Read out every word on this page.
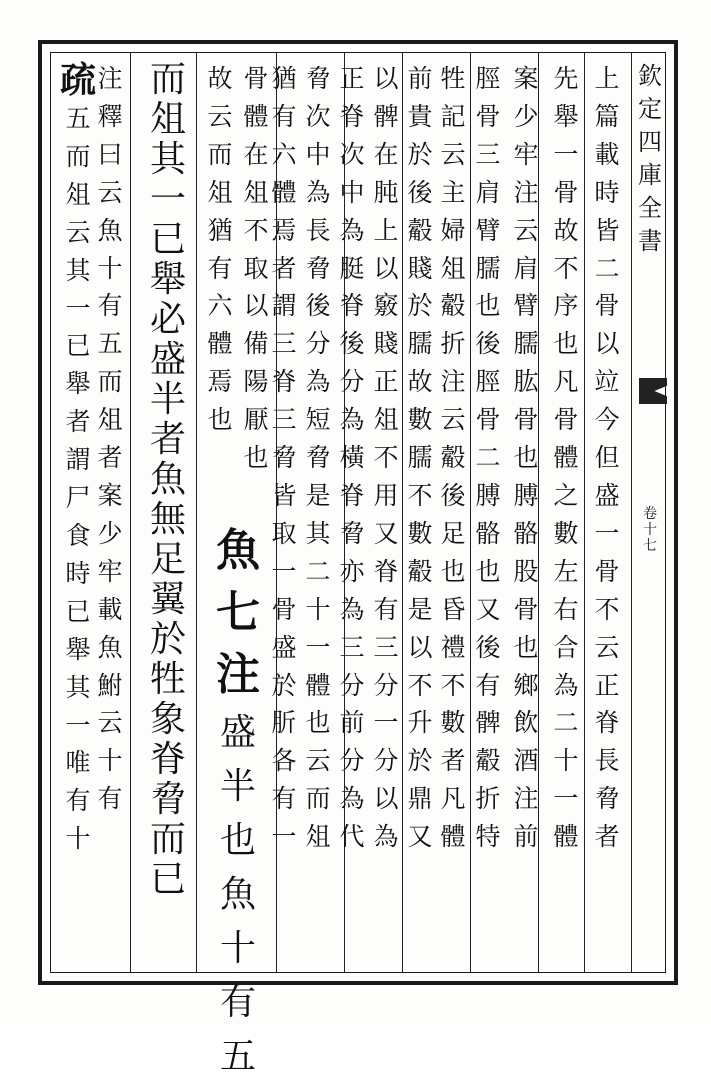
欽
定
四
庫
全
書
卷
十
七
上
篇
載
時
皆
二
骨
以
竝
今
但
盛
一
骨
不
云
正
脊
長
脅
者
先
舉
一
骨
故
不
序
也
凡
骨
體
之
數
左
右
合
為
二
十
一
體
案
少
牢
注
云
肩
臂
臑
肱
骨
也
膊
骼
股
骨
也
鄉
飲
酒
注
前
脛
骨
三
肩
臂
臑
也
後
脛
骨
二
膊
骼
也
又
後
有
髀
觳
折
特
牲
記
云
主
婦
俎
觳
折
注
云
觳
後
足
也
昏
禮
不
數
者
凡
體
前
貴
於
後
觳
賤
於
臑
故
數
臑
不
數
觳
是
以
不
升
於
鼎
又
以
髀
在
肫
上
以
竅
賤
正
俎
不
用
又
脊
有
三
分
一
分
以
為
正
脊
次
中
為
脡
脊
後
分
為
橫
脊
脅
亦
為
三
分
前
分
為
代
脅
次
中
為
長
脅
後
分
為
短
脅
是
其
二
十
一
體
也
云
而
俎
猶
有
六
體
焉
者
謂
三
脊
三
脅
皆
取
一
骨
盛
於
肵
各
有
一
骨
體
在
俎
不
取
以
備
陽
厭
也
故
云
而
俎
猶
有
六
體
焉
也
魚
七
注
盛
半
也
魚
十
有
五
而
俎
其
一
已
舉
必
盛
半
者
魚
無
足
翼
於
牲
象
脊
脅
而
已
注
釋
曰
云
魚
十
有
五
而
俎
者
案
少
牢
載
魚
鮒
云
十
有
疏
五
而
俎
云
其
一
已
舉
者
謂
尸
食
時
已
舉
其
一
唯
有
十
